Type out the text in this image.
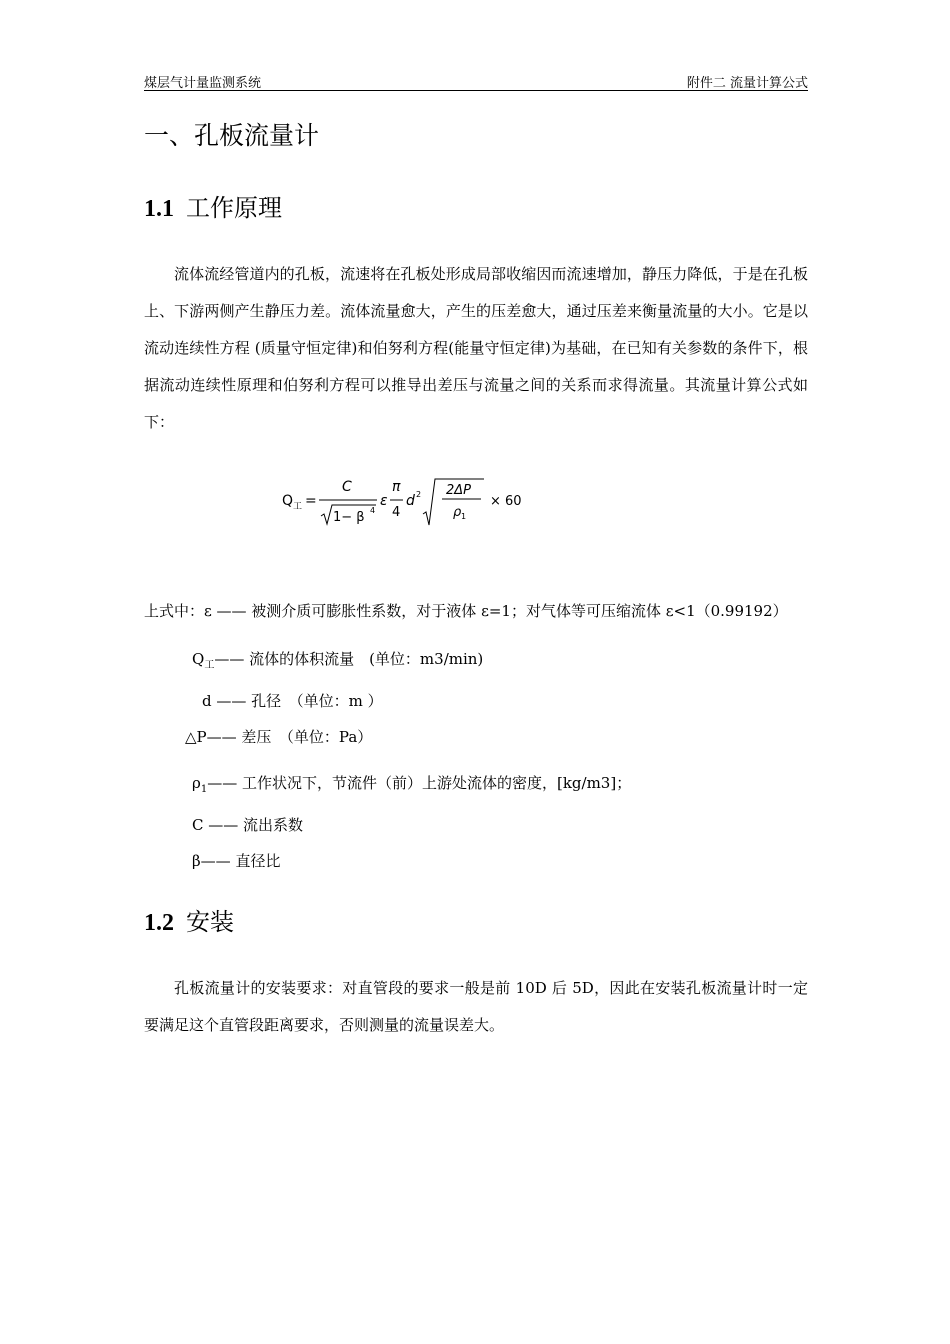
煤层气计量监测系统	附件二 流量计算公式
一、孔板流量计
1.1 工作原理
流体流经管道内的孔板，流速将在孔板处形成局部收缩因而流速增加，静压力降低，于是在孔板上、下游两侧产生静压力差。流体流量愈大，产生的压差愈大，通过压差来衡量流量的大小。它是以流动连续性方程 (质量守恒定律)和伯努利方程(能量守恒定律)为基础，在已知有关参数的条件下，根据流动连续性原理和伯努利方程可以推导出差压与流量之间的关系而求得流量。其流量计算公式如下：
Q 工 =
C
1− β 4
ε
π
4
d 2 2ΔP
ρ 1
× 60
上式中：ε —— 被测介质可膨胀性系数，对于液体 ε=1；对气体等可压缩流体 ε<1（0.99192）
$Q_工——$ 流体的体积流量　(单位：m3/min)
d —— 孔径　（单位：m ）
△P—— 差压　（单位：Pa）
$\rho_1——$ 工作状况下，节流件（前）上游处流体的密度，[kg/m3]；
C —— 流出系数
β—— 直径比
1.2 安装
孔板流量计的安装要求：对直管段的要求一般是前 10D 后 5D，因此在安装孔板流量计时一定要满足这个直管段距离要求，否则测量的流量误差大。
